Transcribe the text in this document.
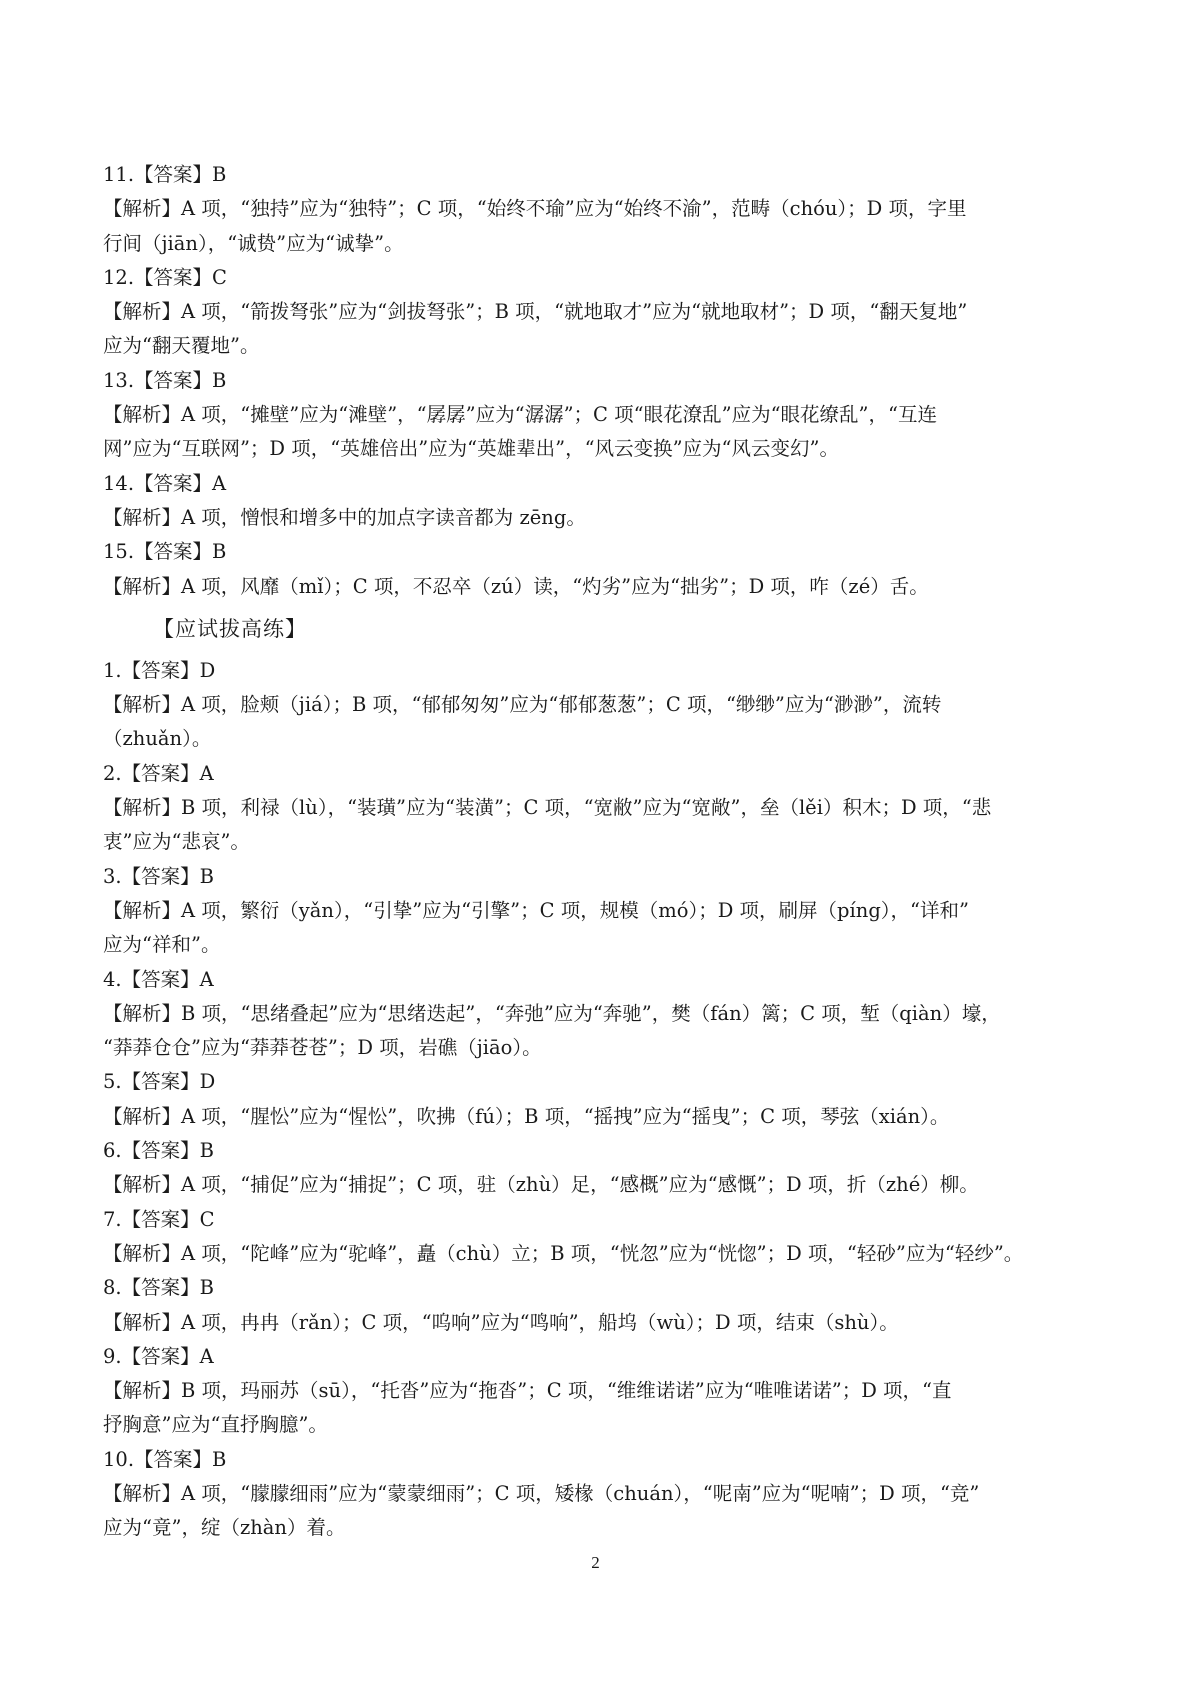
11.【答案】B
【解析】A 项，“独持”应为“独特”；C 项，“始终不瑜”应为“始终不渝”，范畴（chóu）；D 项，字里
行间（jiān），“诚贽”应为“诚挚”。
12.【答案】C
【解析】A 项，“箭拨弩张”应为“剑拔弩张”；B 项，“就地取才”应为“就地取材”；D 项，“翻天复地”
应为“翻天覆地”。
13.【答案】B
【解析】A 项，“摊壁”应为“滩壁”，“孱孱”应为“潺潺”；C 项“眼花潦乱”应为“眼花缭乱”，“互连
网”应为“互联网”；D 项，“英雄倍出”应为“英雄辈出”，“风云变换”应为“风云变幻”。
14.【答案】A
【解析】A 项，憎恨和增多中的加点字读音都为 zēng。
15.【答案】B
【解析】A 项，风靡（mǐ）；C 项，不忍卒（zú）读，“灼劣”应为“拙劣”；D 项，咋（zé）舌。
【应试拔高练】
1.【答案】D
【解析】A 项，脸颊（jiá）；B 项，“郁郁匆匆”应为“郁郁葱葱”；C 项，“缈缈”应为“渺渺”，流转
（zhuǎn）。
2.【答案】A
【解析】B 项，利禄（lù），“装璜”应为“装潢”；C 项，“宽敝”应为“宽敞”，垒（lěi）积木；D 项，“悲
衷”应为“悲哀”。
3.【答案】B
【解析】A 项，繁衍（yǎn），“引挚”应为“引擎”；C 项，规模（mó）；D 项，刷屏（píng），“详和”
应为“祥和”。
4.【答案】A
【解析】B 项，“思绪叠起”应为“思绪迭起”，“奔弛”应为“奔驰”，樊（fán）篱；C 项，堑（qiàn）壕，
“莽莽仓仓”应为“莽莽苍苍”；D 项，岩礁（jiāo）。
5.【答案】D
【解析】A 项，“腥忪”应为“惺忪”，吹拂（fú）；B 项，“摇拽”应为“摇曳”；C 项，琴弦（xián）。
6.【答案】B
【解析】A 项，“捕促”应为“捕捉”；C 项，驻（zhù）足，“感概”应为“感慨”；D 项，折（zhé）柳。
7.【答案】C
【解析】A 项，“陀峰”应为“驼峰”，矗（chù）立；B 项，“恍忽”应为“恍惚”；D 项，“轻砂”应为“轻纱”。
8.【答案】B
【解析】A 项，冉冉（rǎn）；C 项，“呜响”应为“鸣响”，船坞（wù）；D 项，结束（shù）。
9.【答案】A
【解析】B 项，玛丽苏（sū），“托沓”应为“拖沓”；C 项，“维维诺诺”应为“唯唯诺诺”；D 项，“直
抒胸意”应为“直抒胸臆”。
10.【答案】B
【解析】A 项，“朦朦细雨”应为“蒙蒙细雨”；C 项，矮椽（chuán），“呢南”应为“呢喃”；D 项，“竞”
应为“竟”，绽（zhàn）着。
2
